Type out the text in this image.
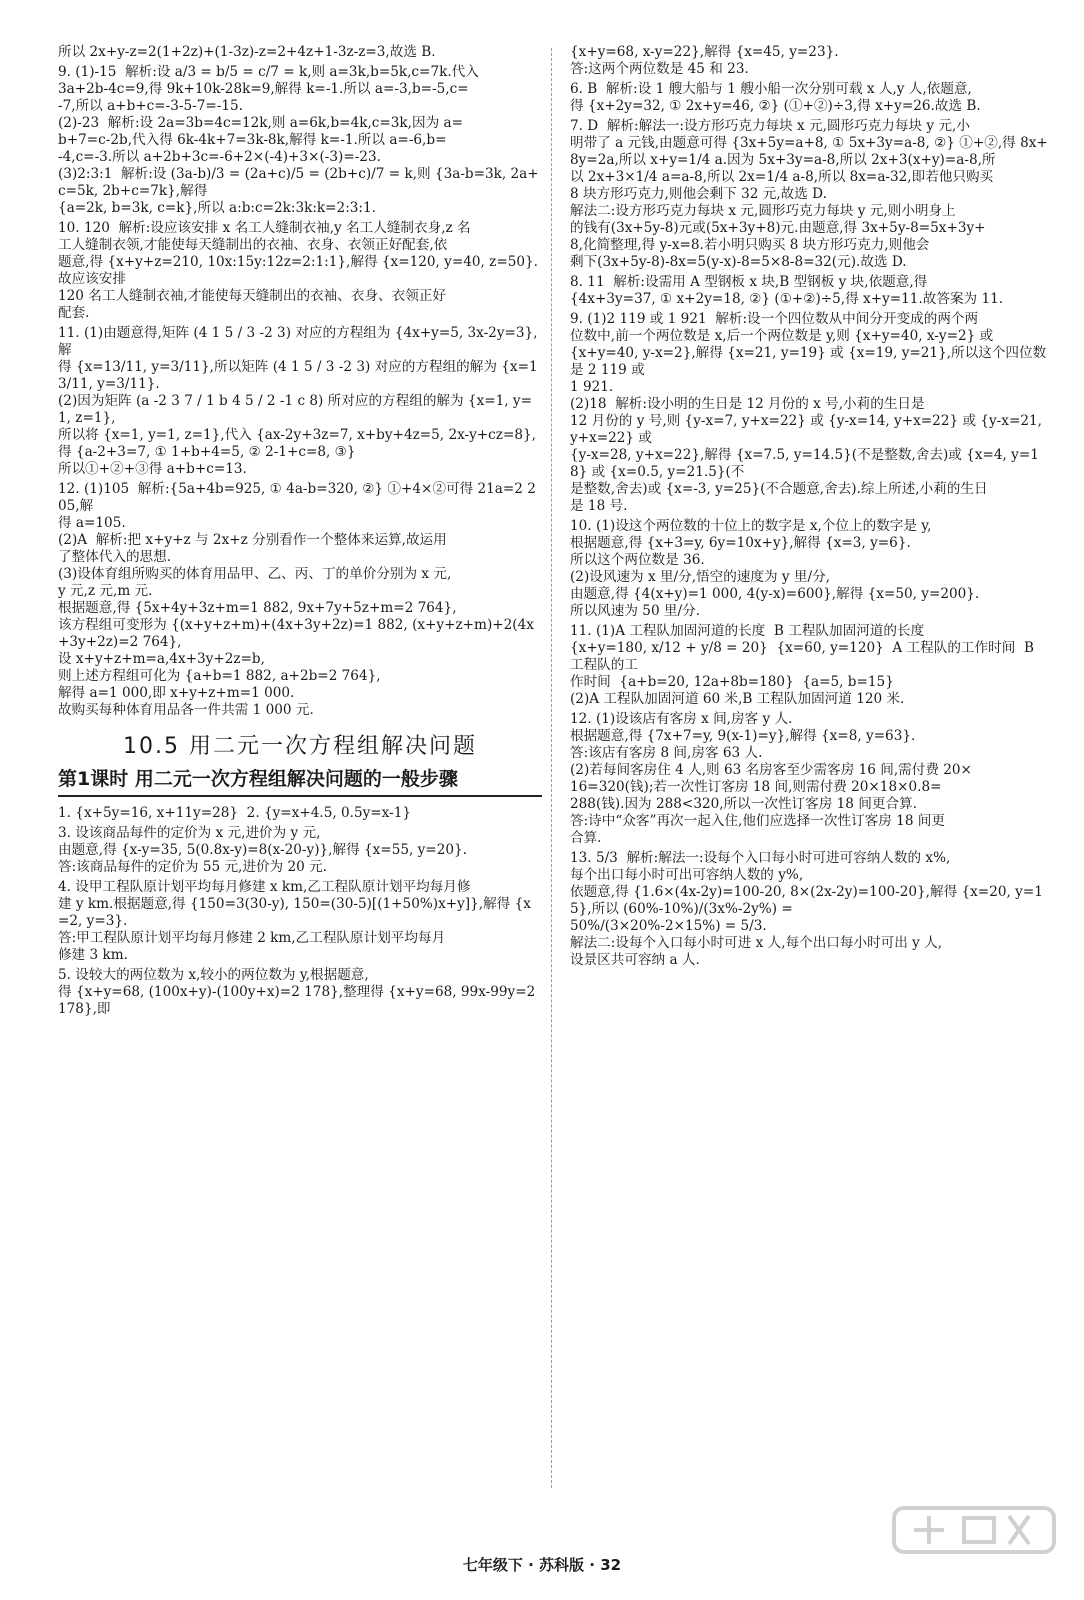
所以 2x+y-z=2(1+2z)+(1-3z)-z=2+4z+1-3z-z=3,故选 B.

9. (1)-15  解析:设 a/3 = b/5 = c/7 = k,则 a=3k,b=5k,c=7k.代入

3a+2b-4c=9,得 9k+10k-28k=9,解得 k=-1.所以 a=-3,b=-5,c=

-7,所以 a+b+c=-3-5-7=-15.

(2)-23  解析:设 2a=3b=4c=12k,则 a=6k,b=4k,c=3k,因为 a=

b+7=c-2b,代入得 6k-4k+7=3k-8k,解得 k=-1.所以 a=-6,b=

-4,c=-3.所以 a+2b+3c=-6+2×(-4)+3×(-3)=-23.

(3)2:3:1  解析:设 (3a-b)/3 = (2a+c)/5 = (2b+c)/7 = k,则 {3a-b=3k, 2a+c=5k, 2b+c=7k},解得

{a=2k, b=3k, c=k},所以 a:b:c=2k:3k:k=2:3:1.

10. 120  解析:设应该安排 x 名工人缝制衣袖,y 名工人缝制衣身,z 名

工人缝制衣领,才能使每天缝制出的衣袖、衣身、衣领正好配套,依

题意,得 {x+y+z=210, 10x:15y:12z=2:1:1},解得 {x=120, y=40, z=50}.故应该安排

120 名工人缝制衣袖,才能使每天缝制出的衣袖、衣身、衣领正好

配套.

11. (1)由题意得,矩阵 (4 1 5 / 3 -2 3) 对应的方程组为 {4x+y=5, 3x-2y=3},解

得 {x=13/11, y=3/11},所以矩阵 (4 1 5 / 3 -2 3) 对应的方程组的解为 {x=13/11, y=3/11}.

(2)因为矩阵 (a -2 3 7 / 1 b 4 5 / 2 -1 c 8) 所对应的方程组的解为 {x=1, y=1, z=1},

所以将 {x=1, y=1, z=1},代入 {ax-2y+3z=7, x+by+4z=5, 2x-y+cz=8},得 {a-2+3=7, ① 1+b+4=5, ② 2-1+c=8, ③}

所以①+②+③得 a+b+c=13.

12. (1)105  解析:{5a+4b=925, ① 4a-b=320, ②} ①+4×②可得 21a=2 205,解

得 a=105.

(2)A  解析:把 x+y+z 与 2x+z 分别看作一个整体来运算,故运用

了整体代入的思想.

(3)设体育组所购买的体育用品甲、乙、丙、丁的单价分别为 x 元,

y 元,z 元,m 元.

根据题意,得 {5x+4y+3z+m=1 882, 9x+7y+5z+m=2 764},

该方程组可变形为 {(x+y+z+m)+(4x+3y+2z)=1 882, (x+y+z+m)+2(4x+3y+2z)=2 764},

设 x+y+z+m=a,4x+3y+2z=b,

则上述方程组可化为 {a+b=1 882, a+2b=2 764},

解得 a=1 000,即 x+y+z+m=1 000.

故购买每种体育用品各一件共需 1 000 元.

10.5 用二元一次方程组解决问题
第1课时 用二元一次方程组解决问题的一般步骤

1. {x+5y=16, x+11y=28}  2. {y=x+4.5, 0.5y=x-1}

3. 设该商品每件的定价为 x 元,进价为 y 元,

由题意,得 {x-y=35, 5(0.8x-y)=8(x-20-y)},解得 {x=55, y=20}.

答:该商品每件的定价为 55 元,进价为 20 元.

4. 设甲工程队原计划平均每月修建 x km,乙工程队原计划平均每月修

建 y km.根据题意,得 {150=3(30-y), 150=(30-5)[(1+50%)x+y]},解得 {x=2, y=3}.

答:甲工程队原计划平均每月修建 2 km,乙工程队原计划平均每月

修建 3 km.

5. 设较大的两位数为 x,较小的两位数为 y,根据题意,

得 {x+y=68, (100x+y)-(100y+x)=2 178},整理得 {x+y=68, 99x-99y=2 178},即

{x+y=68, x-y=22},解得 {x=45, y=23}.

答:这两个两位数是 45 和 23.

6. B  解析:设 1 艘大船与 1 艘小船一次分别可载 x 人,y 人,依题意,

得 {x+2y=32, ① 2x+y=46, ②} (①+②)÷3,得 x+y=26.故选 B.

7. D  解析:解法一:设方形巧克力每块 x 元,圆形巧克力每块 y 元,小

明带了 a 元钱,由题意可得 {3x+5y=a+8, ① 5x+3y=a-8, ②} ①+②,得 8x+

8y=2a,所以 x+y=1/4 a.因为 5x+3y=a-8,所以 2x+3(x+y)=a-8,所

以 2x+3×1/4 a=a-8,所以 2x=1/4 a-8,所以 8x=a-32,即若他只购买

8 块方形巧克力,则他会剩下 32 元,故选 D.

解法二:设方形巧克力每块 x 元,圆形巧克力每块 y 元,则小明身上

的钱有(3x+5y-8)元或(5x+3y+8)元.由题意,得 3x+5y-8=5x+3y+

8,化简整理,得 y-x=8.若小明只购买 8 块方形巧克力,则他会

剩下(3x+5y-8)-8x=5(y-x)-8=5×8-8=32(元).故选 D.

8. 11  解析:设需用 A 型钢板 x 块,B 型钢板 y 块,依题意,得

{4x+3y=37, ① x+2y=18, ②} (①+②)÷5,得 x+y=11.故答案为 11.

9. (1)2 119 或 1 921  解析:设一个四位数从中间分开变成的两个两

位数中,前一个两位数是 x,后一个两位数是 y,则 {x+y=40, x-y=2} 或

{x+y=40, y-x=2},解得 {x=21, y=19} 或 {x=19, y=21},所以这个四位数是 2 119 或

1 921.

(2)18  解析:设小明的生日是 12 月份的 x 号,小莉的生日是

12 月份的 y 号,则 {y-x=7, y+x=22} 或 {y-x=14, y+x=22} 或 {y-x=21, y+x=22} 或

{y-x=28, y+x=22},解得 {x=7.5, y=14.5}(不是整数,舍去)或 {x=4, y=18} 或 {x=0.5, y=21.5}(不

是整数,舍去)或 {x=-3, y=25}(不合题意,舍去).综上所述,小莉的生日

是 18 号.

10. (1)设这个两位数的十位上的数字是 x,个位上的数字是 y,

根据题意,得 {x+3=y, 6y=10x+y},解得 {x=3, y=6}.

所以这个两位数是 36.

(2)设风速为 x 里/分,悟空的速度为 y 里/分,

由题意,得 {4(x+y)=1 000, 4(y-x)=600},解得 {x=50, y=200}.

所以风速为 50 里/分.

11. (1)A 工程队加固河道的长度  B 工程队加固河道的长度

{x+y=180, x/12 + y/8 = 20}  {x=60, y=120}  A 工程队的工作时间  B 工程队的工

作时间  {a+b=20, 12a+8b=180}  {a=5, b=15}

(2)A 工程队加固河道 60 米,B 工程队加固河道 120 米.

12. (1)设该店有客房 x 间,房客 y 人.

根据题意,得 {7x+7=y, 9(x-1)=y},解得 {x=8, y=63}.

答:该店有客房 8 间,房客 63 人.

(2)若每间客房住 4 人,则 63 名房客至少需客房 16 间,需付费 20×

16=320(钱);若一次性订客房 18 间,则需付费 20×18×0.8=

288(钱).因为 288<320,所以一次性订客房 18 间更合算.

答:诗中“众客”再次一起入住,他们应选择一次性订客房 18 间更

合算.

13. 5/3  解析:解法一:设每个入口每小时可进可容纳人数的 x%,

每个出口每小时可出可容纳人数的 y%,

依题意,得 {1.6×(4x-2y)=100-20, 8×(2x-2y)=100-20},解得 {x=20, y=15},所以 (60%-10%)/(3x%-2y%) =

50%/(3×20%-2×15%) = 5/3.

解法二:设每个入口每小时可进 x 人,每个出口每小时可出 y 人,

设景区共可容纳 a 人.

七年级下 · 苏科版 · 32
